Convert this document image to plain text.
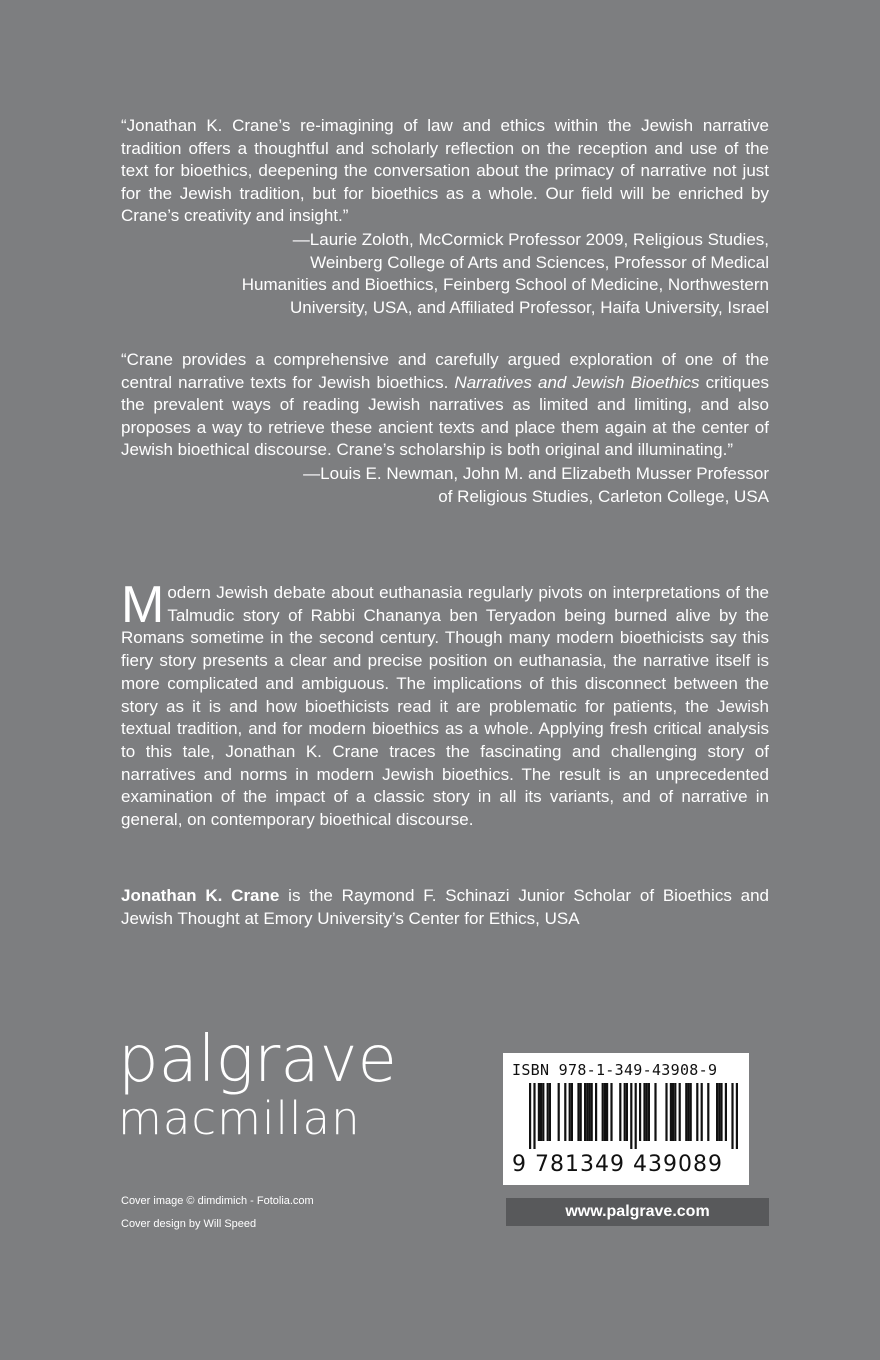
“Jonathan K. Crane’s re-imagining of law and ethics within the Jewish narrative tradition offers a thoughtful and scholarly reflection on the reception and use of the text for bioethics, deepening the conversation about the primacy of narrative not just for the Jewish tradition, but for bioethics as a whole. Our field will be enriched by Crane’s creativity and insight.”

—Laurie Zoloth, McCormick Professor 2009, Religious Studies,
Weinberg College of Arts and Sciences, Professor of Medical
Humanities and Bioethics, Feinberg School of Medicine, Northwestern
University, USA, and Affiliated Professor, Haifa University, Israel

“Crane provides a comprehensive and carefully argued exploration of one of the central narrative texts for Jewish bioethics. Narratives and Jewish Bioethics critiques the prevalent ways of reading Jewish narratives as limited and limiting, and also proposes a way to retrieve these ancient texts and place them again at the center of Jewish bioethical discourse. Crane’s scholarship is both original and illuminating.”

—Louis E. Newman, John M. and Elizabeth Musser Professor
of Religious Studies, Carleton College, USA

Modern Jewish debate about euthanasia regularly pivots on interpretations of the Talmudic story of Rabbi Chananya ben Teryadon being burned alive by the Romans sometime in the second century. Though many modern bioethicists say this fiery story presents a clear and precise position on euthanasia, the narrative itself is more complicated and ambiguous. The implications of this disconnect between the story as it is and how bioethicists read it are problematic for patients, the Jewish textual tradition, and for modern bioethics as a whole. Applying fresh critical analysis to this tale, Jonathan K. Crane traces the fascinating and challenging story of narratives and norms in modern Jewish bioethics. The result is an unprecedented examination of the impact of a classic story in all its variants, and of narrative in general, on contemporary bioethical discourse.

Jonathan K. Crane is the Raymond F. Schinazi Junior Scholar of Bioethics and Jewish Thought at Emory University’s Center for Ethics, USA

palgrave
macmillan
Cover image © dimdimich - Fotolia.com
Cover design by Will Speed
ISBN 978-1-349-43908-9
9 781349 439089
www.palgrave.com
